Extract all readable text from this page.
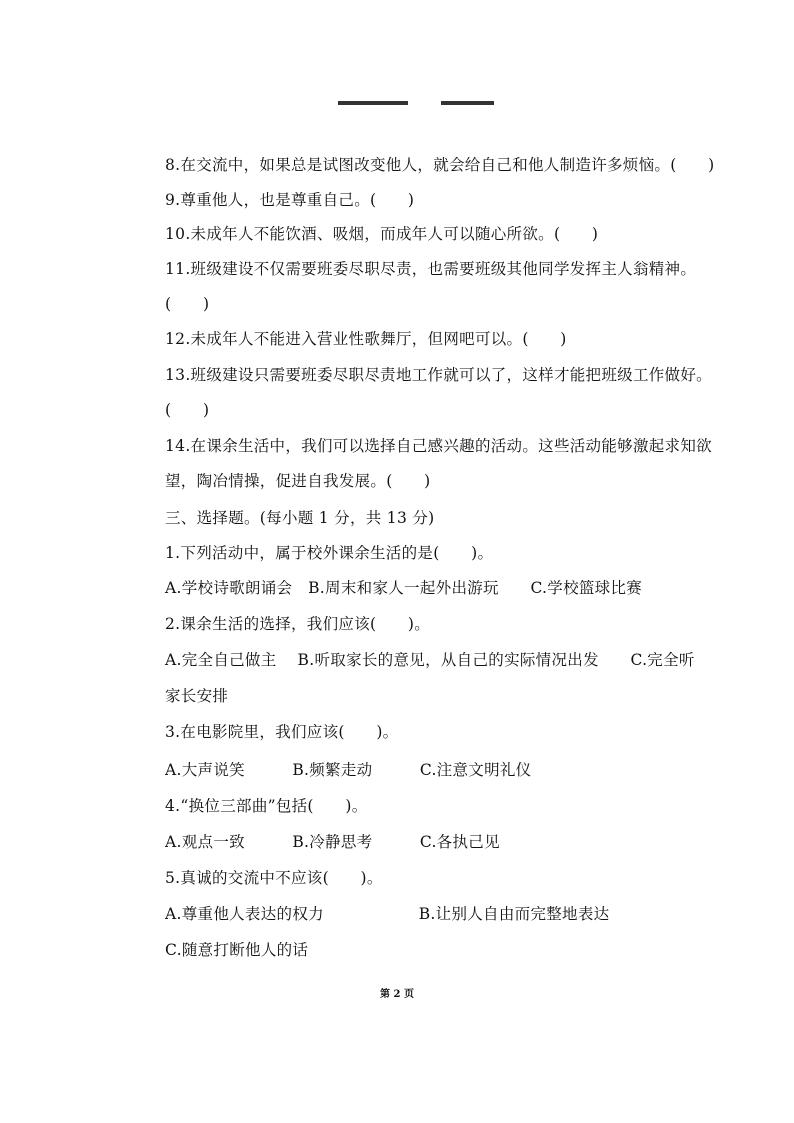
8.在交流中，如果总是试图改变他人，就会给自己和他人制造许多烦恼。(　　)
9.尊重他人，也是尊重自己。(　　)
10.未成年人不能饮酒、吸烟，而成年人可以随心所欲。(　　)
11.班级建设不仅需要班委尽职尽责，也需要班级其他同学发挥主人翁精神。
(　　)
12.未成年人不能进入营业性歌舞厅，但网吧可以。(　　)
13.班级建设只需要班委尽职尽责地工作就可以了，这样才能把班级工作做好。
(　　)
14.在课余生活中，我们可以选择自己感兴趣的活动。这些活动能够激起求知欲
望，陶冶情操，促进自我发展。(　　)
三、选择题。(每小题 1 分，共 13 分)
1.下列活动中，属于校外课余生活的是(　　)。
A.学校诗歌朗诵会　B.周末和家人一起外出游玩　　C.学校篮球比赛
2.课余生活的选择，我们应该(　　)。
A.完全自己做主　 B.听取家长的意见，从自己的实际情况出发　　C.完全听
家长安排
3.在电影院里，我们应该(　　)。
A.大声说笑　　　B.频繁走动　　　C.注意文明礼仪
4.“换位三部曲”包括(　　)。
A.观点一致　　　B.冷静思考　　　C.各执己见
5.真诚的交流中不应该(　　)。
A.尊重他人表达的权力　　　　　　B.让别人自由而完整地表达
C.随意打断他人的话
第 2 页
